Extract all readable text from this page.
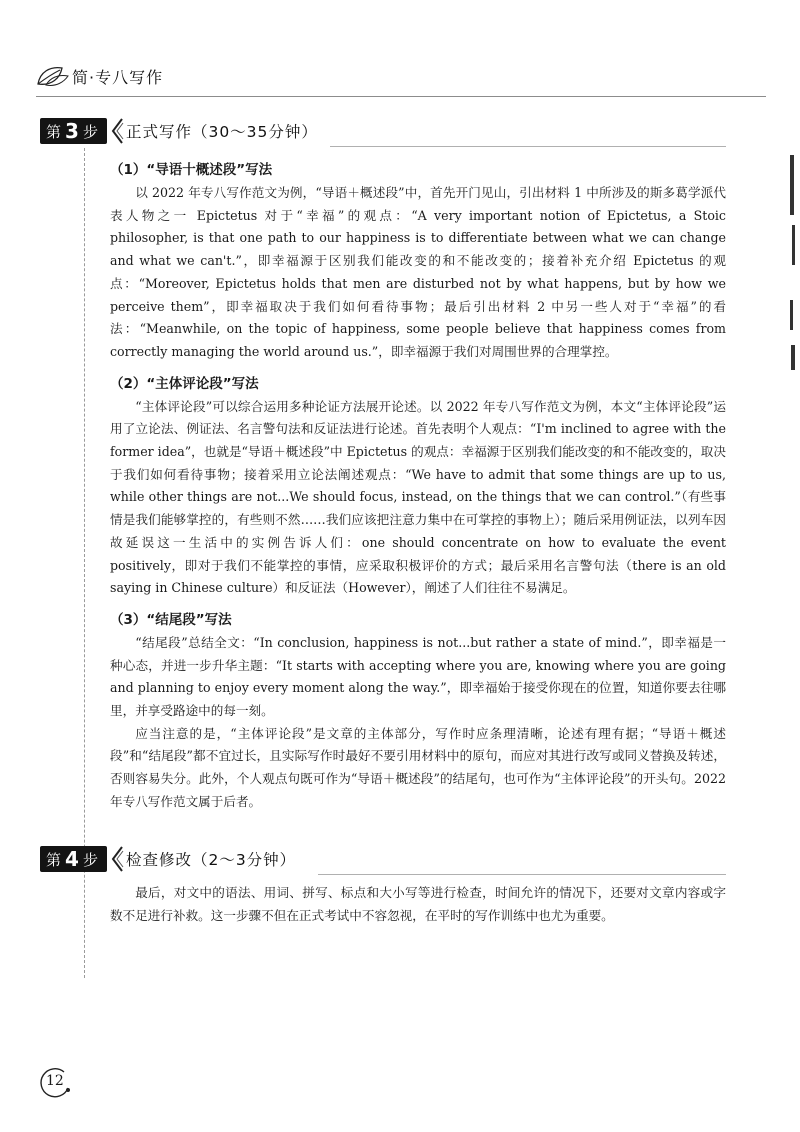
简·专八写作
第 3 步 正式写作（30～35分钟）
（1）“导语十概述段”写法

以 2022 年专八写作范文为例，“导语＋概述段”中，首先开门见山，引出材料 1 中所涉及的斯多葛学派代表人物之一 Epictetus 对于“幸福”的观点：“A very important notion of Epictetus, a Stoic philosopher, is that one path to our happiness is to differentiate between what we can change and what we can't.”，即幸福源于区别我们能改变的和不能改变的；接着补充介绍 Epictetus 的观点：“Moreover, Epictetus holds that men are disturbed not by what happens, but by how we perceive them”，即幸福取决于我们如何看待事物；最后引出材料 2 中另一些人对于“幸福”的看法：“Meanwhile, on the topic of happiness, some people believe that happiness comes from correctly managing the world around us.”，即幸福源于我们对周围世界的合理掌控。

（2）“主体评论段”写法

“主体评论段”可以综合运用多种论证方法展开论述。以 2022 年专八写作范文为例，本文“主体评论段”运用了立论法、例证法、名言警句法和反证法进行论述。首先表明个人观点：“I'm inclined to agree with the former idea”，也就是“导语＋概述段”中 Epictetus 的观点：幸福源于区别我们能改变的和不能改变的，取决于我们如何看待事物；接着采用立论法阐述观点：“We have to admit that some things are up to us, while other things are not...We should focus, instead, on the things that we can control.”（有些事情是我们能够掌控的，有些则不然……我们应该把注意力集中在可掌控的事物上）；随后采用例证法，以列车因故延误这一生活中的实例告诉人们：one should concentrate on how to evaluate the event positively，即对于我们不能掌控的事情，应采取积极评价的方式；最后采用名言警句法（there is an old saying in Chinese culture）和反证法（However），阐述了人们往往不易满足。

（3）“结尾段”写法

“结尾段”总结全文：“In conclusion, happiness is not...but rather a state of mind.”，即幸福是一种心态，并进一步升华主题：“It starts with accepting where you are, knowing where you are going and planning to enjoy every moment along the way.”，即幸福始于接受你现在的位置，知道你要去往哪里，并享受路途中的每一刻。

应当注意的是，“主体评论段”是文章的主体部分，写作时应条理清晰，论述有理有据；“导语＋概述段”和“结尾段”都不宜过长，且实际写作时最好不要引用材料中的原句，而应对其进行改写或同义替换及转述，否则容易失分。此外，个人观点句既可作为“导语＋概述段”的结尾句，也可作为“主体评论段”的开头句。2022 年专八写作范文属于后者。

第 4 步 检查修改（2～3分钟）

最后，对文中的语法、用词、拼写、标点和大小写等进行检查，时间允许的情况下，还要对文章内容或字数不足进行补救。这一步骤不但在正式考试中不容忽视，在平时的写作训练中也尤为重要。

12
